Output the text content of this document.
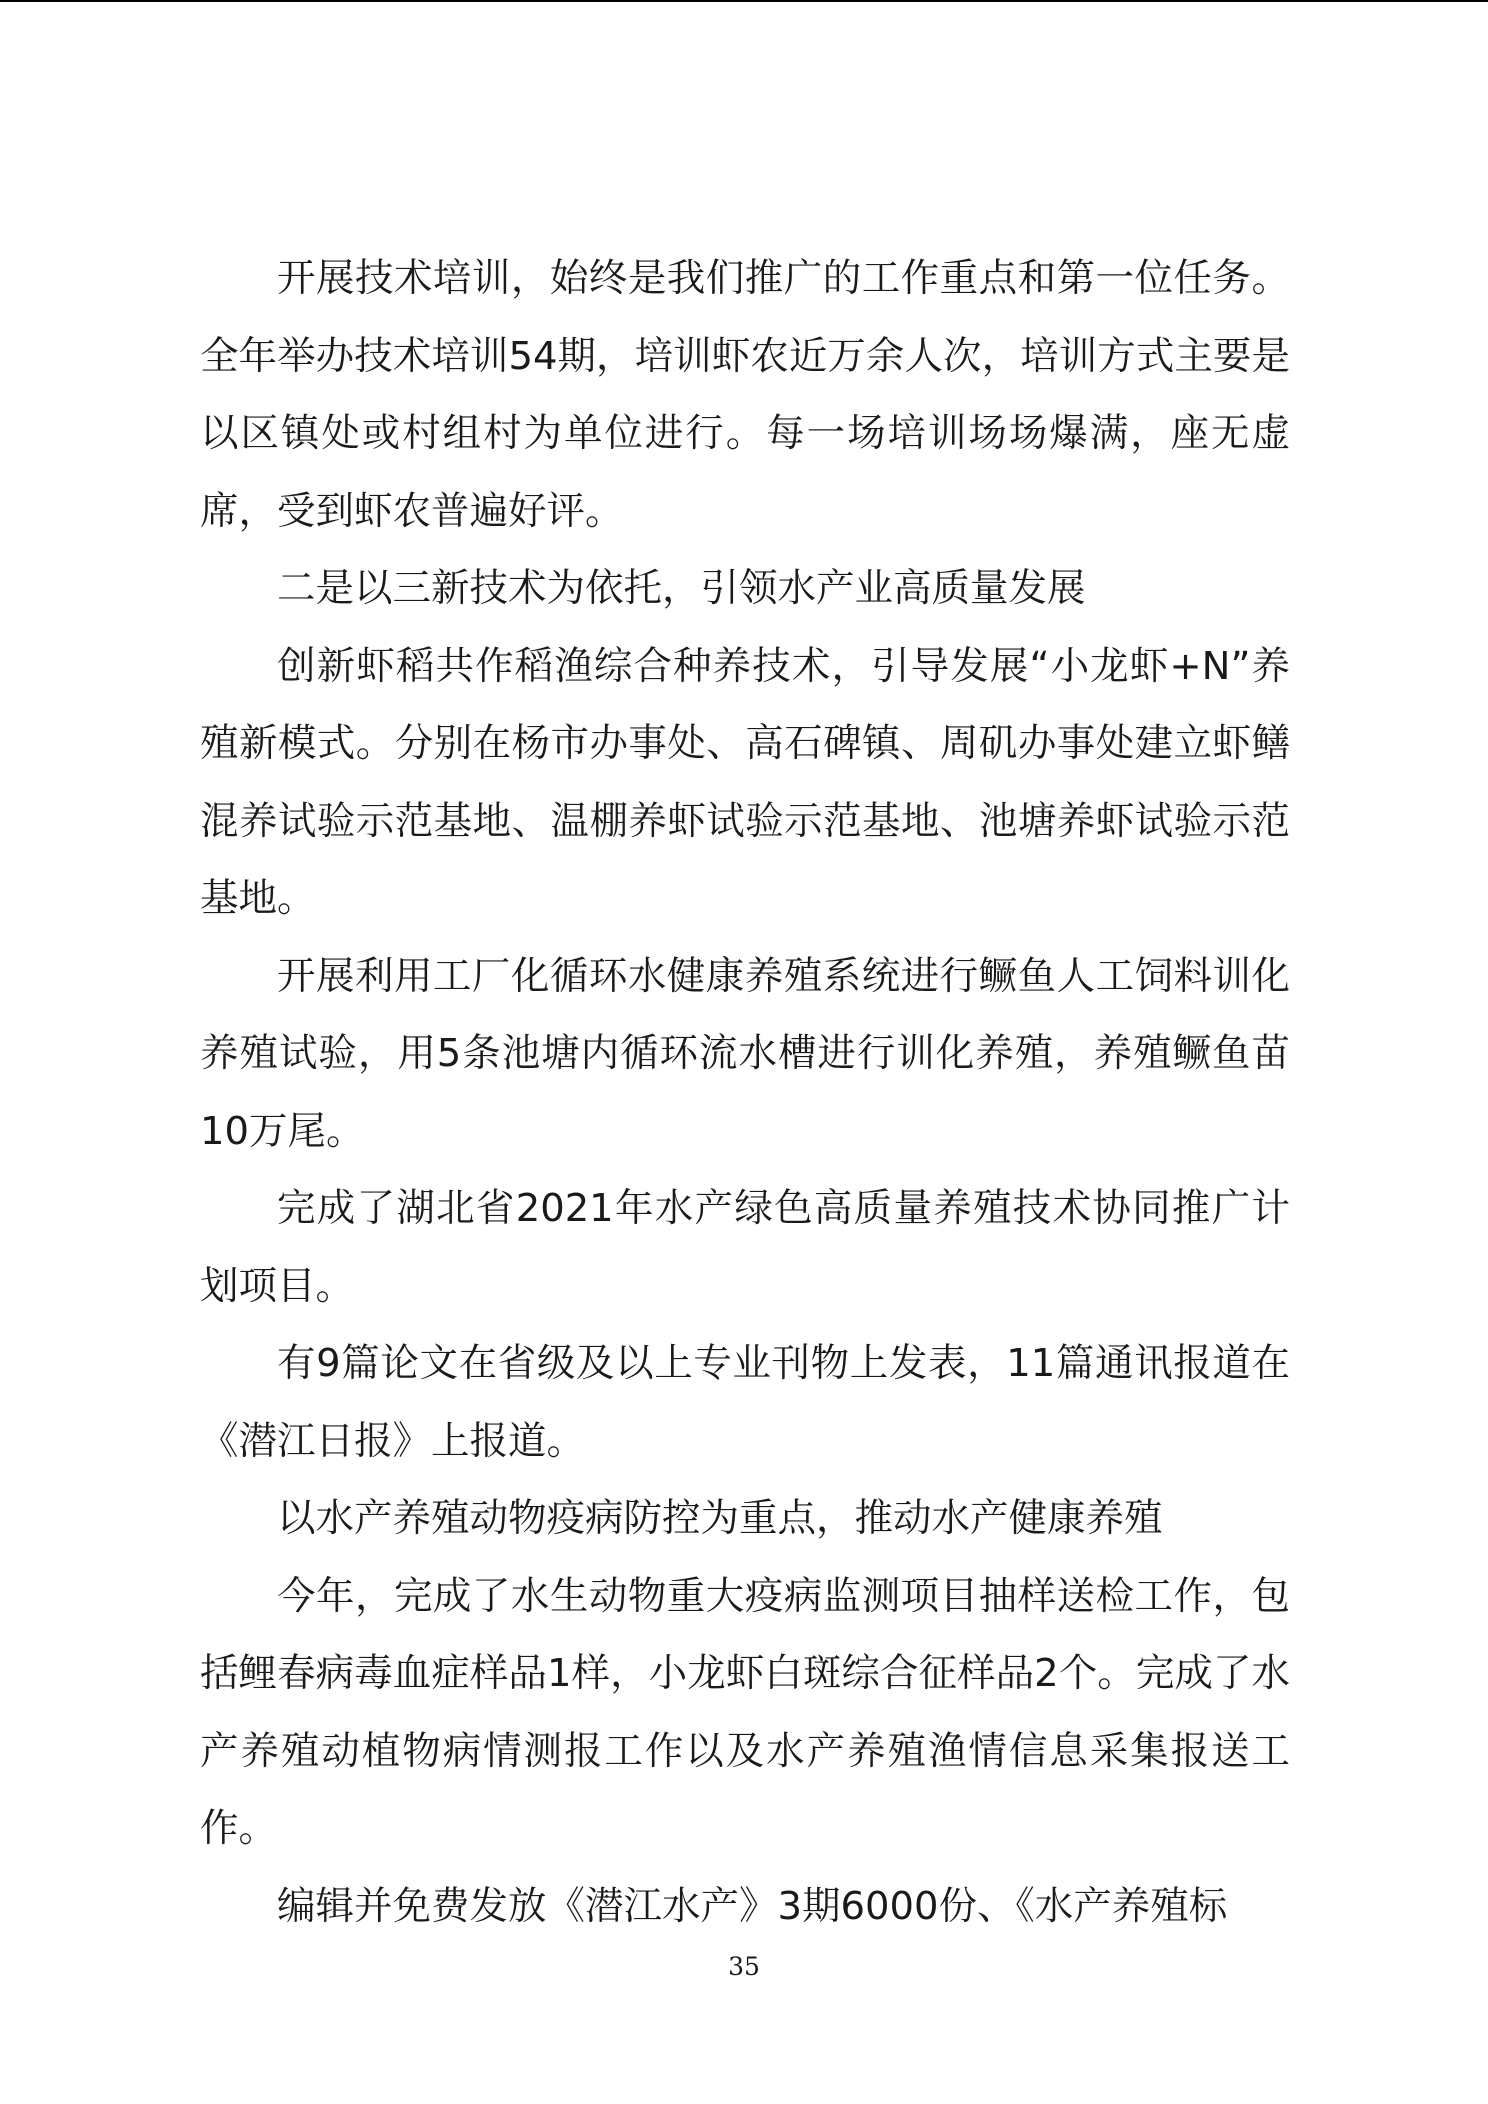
开展技术培训，始终是我们推广的工作重点和第一位任务。全年举办技术培训54期，培训虾农近万余人次，培训方式主要是以区镇处或村组村为单位进行。每一场培训场场爆满，座无虚席，受到虾农普遍好评。

二是以三新技术为依托，引领水产业高质量发展

创新虾稻共作稻渔综合种养技术，引导发展“小龙虾+N”养殖新模式。分别在杨市办事处、高石碑镇、周矶办事处建立虾鳝混养试验示范基地、温棚养虾试验示范基地、池塘养虾试验示范基地。

开展利用工厂化循环水健康养殖系统进行鳜鱼人工饲料训化养殖试验，用5条池塘内循环流水槽进行训化养殖，养殖鳜鱼苗10万尾。

完成了湖北省2021年水产绿色高质量养殖技术协同推广计划项目。

有9篇论文在省级及以上专业刊物上发表，11篇通讯报道在《潜江日报》上报道。

以水产养殖动物疫病防控为重点，推动水产健康养殖

今年，完成了水生动物重大疫病监测项目抽样送检工作，包括鲤春病毒血症样品1样，小龙虾白斑综合征样品2个。完成了水产养殖动植物病情测报工作以及水产养殖渔情信息采集报送工作。

编辑并免费发放《潜江水产》3期6000份、《水产养殖标

35
